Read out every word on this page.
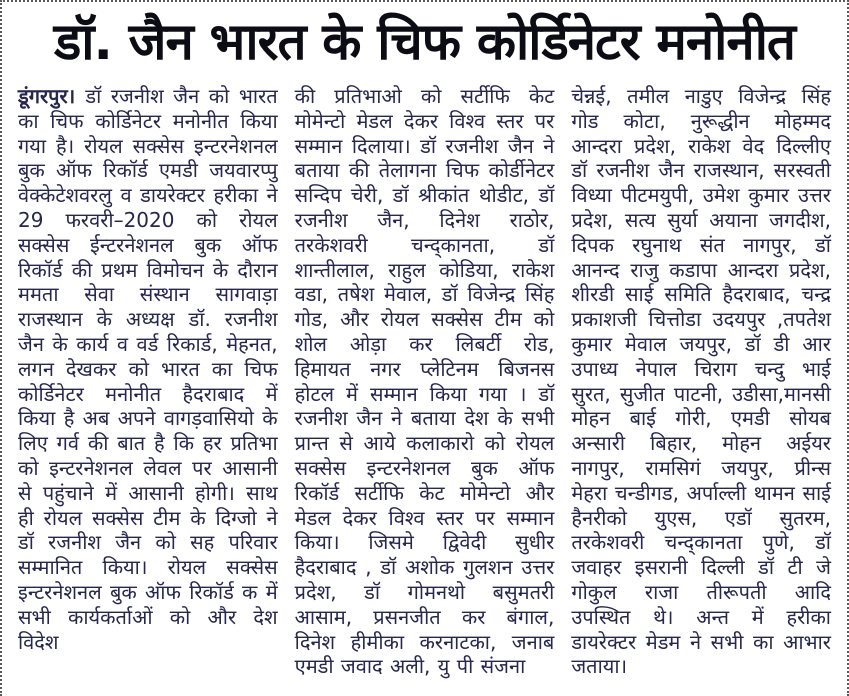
डॉ. जैन भारत के चिफ कोर्डिनेटर मनोनीत

डूंगरपुर। डॉ रजनीश जैन को भारत का चिफ कोर्डिनेटर मनोनीत किया गया है। रोयल सक्सेस इन्टरनेशनल बुक ऑफ रिकॉर्ड एमडी जयवारप्पु वेक्केटेशवरलु व डायरेक्टर हरीका ने 29 फरवरी–2020 को रोयल सक्सेस ईन्टरनेशनल बुक ऑफ रिकॉर्ड की प्रथम विमोचन के दौरान ममता सेवा संस्थान सागवाड़ा राजस्थान के अध्यक्ष डॉ. रजनीश जैन के कार्य व वर्ड रिकार्ड, मेहनत, लगन देखकर को भारत का चिफ कोर्डिनेटर मनोनीत हैदराबाद में किया है अब अपने वागड़वासियो के लिए गर्व की बात है कि हर प्रतिभा को इन्टरनेशनल लेवल पर आसानी से पहुंचाने में आसानी होगी। साथ ही रोयल सक्सेस टीम के दिग्जो ने डॉ रजनीश जैन को सह परिवार सम्मानित किया। रोयल सक्सेस इन्टरनेशनल बुक ऑफ रिकॉर्ड क में सभी कार्यकर्ताओं को और देश विदेश

की प्रतिभाओ को सर्टीफि केट मोमेन्टो मेडल देकर विश्व स्तर पर सम्मान दिलाया। डॉ रजनीश जैन ने बताया की तेलागना चिफ कोर्डीनेटर सन्दिप चेरी, डॉ श्रीकांत थोडीट, डॉ रजनीश जैन, दिनेश राठोर, तरकेशवरी चन्द्कानता, डॉ शान्तीलाल, राहुल कोडिया, राकेश वडा, तषेश मेवाल, डॉ विजेन्द्र सिंह गोड, और रोयल सक्सेस टीम को शोल ओड़ा कर लिबर्टी रोड, हिमायत नगर प्लेटिनम बिजनस होटल में सम्मान किया गया । डॉ रजनीश जैन ने बताया देश के सभी प्रान्त से आये कलाकारो को रोयल सक्सेस इन्टरनेशनल बुक ऑफ रिकॉर्ड सर्टीफि केट मोमेन्टो और मेडल देकर विश्व स्तर पर सम्मान किया। जिसमे द्विवेदी सुधीर हैदराबाद , डॉ अशोक गुलशन उत्तर प्रदेश, डॉ गोमनथो बसुमतरी आसाम, प्रसनजीत कर बंगाल, दिनेश हीमीका करनाटका, जनाब एमडी जवाद अली, यु पी संजना

चेन्नई, तमील नाडुए विजेन्द्र सिंह गोड कोटा, नुरूद्धीन मोहम्मद आन्दरा प्रदेश, राकेश वेद दिल्लीए डॉ रजनीश जैन राजस्थान, सरस्वती विध्या पीटमयुपी, उमेश कुमार उत्तर प्रदेश, सत्य सुर्या अयाना जगदीश, दिपक रघुनाथ संत नागपुर, डॉ आनन्द राजु कडापा आन्दरा प्रदेश, शीरडी साई समिति हैदराबाद, चन्द्र प्रकाशजी चित्तोडा उदयपुर ,तपतेश कुमार मेवाल जयपुर, डॉ डी आर उपाध्य नेपाल चिराग चन्दु भाई सुरत, सुजीत पाटनी, उडीसा,मानसी मोहन बाई गोरी, एमडी सोयब अन्सारी बिहार, मोहन अईयर नागपुर, रामसिगं जयपुर, प्रीन्स मेहरा चन्डीगड, अर्पाल्ली थामन साई हैनरीको युएस, एडॉ सुतरम, तरकेशवरी चन्द्कानता पुणे, डॉ जवाहर इसरानी दिल्ली डॉ टी जे गोकुल राजा तीरूपती आदि उपस्थित थे। अन्त में हरीका डायरेक्टर मेडम ने सभी का आभार जताया।
